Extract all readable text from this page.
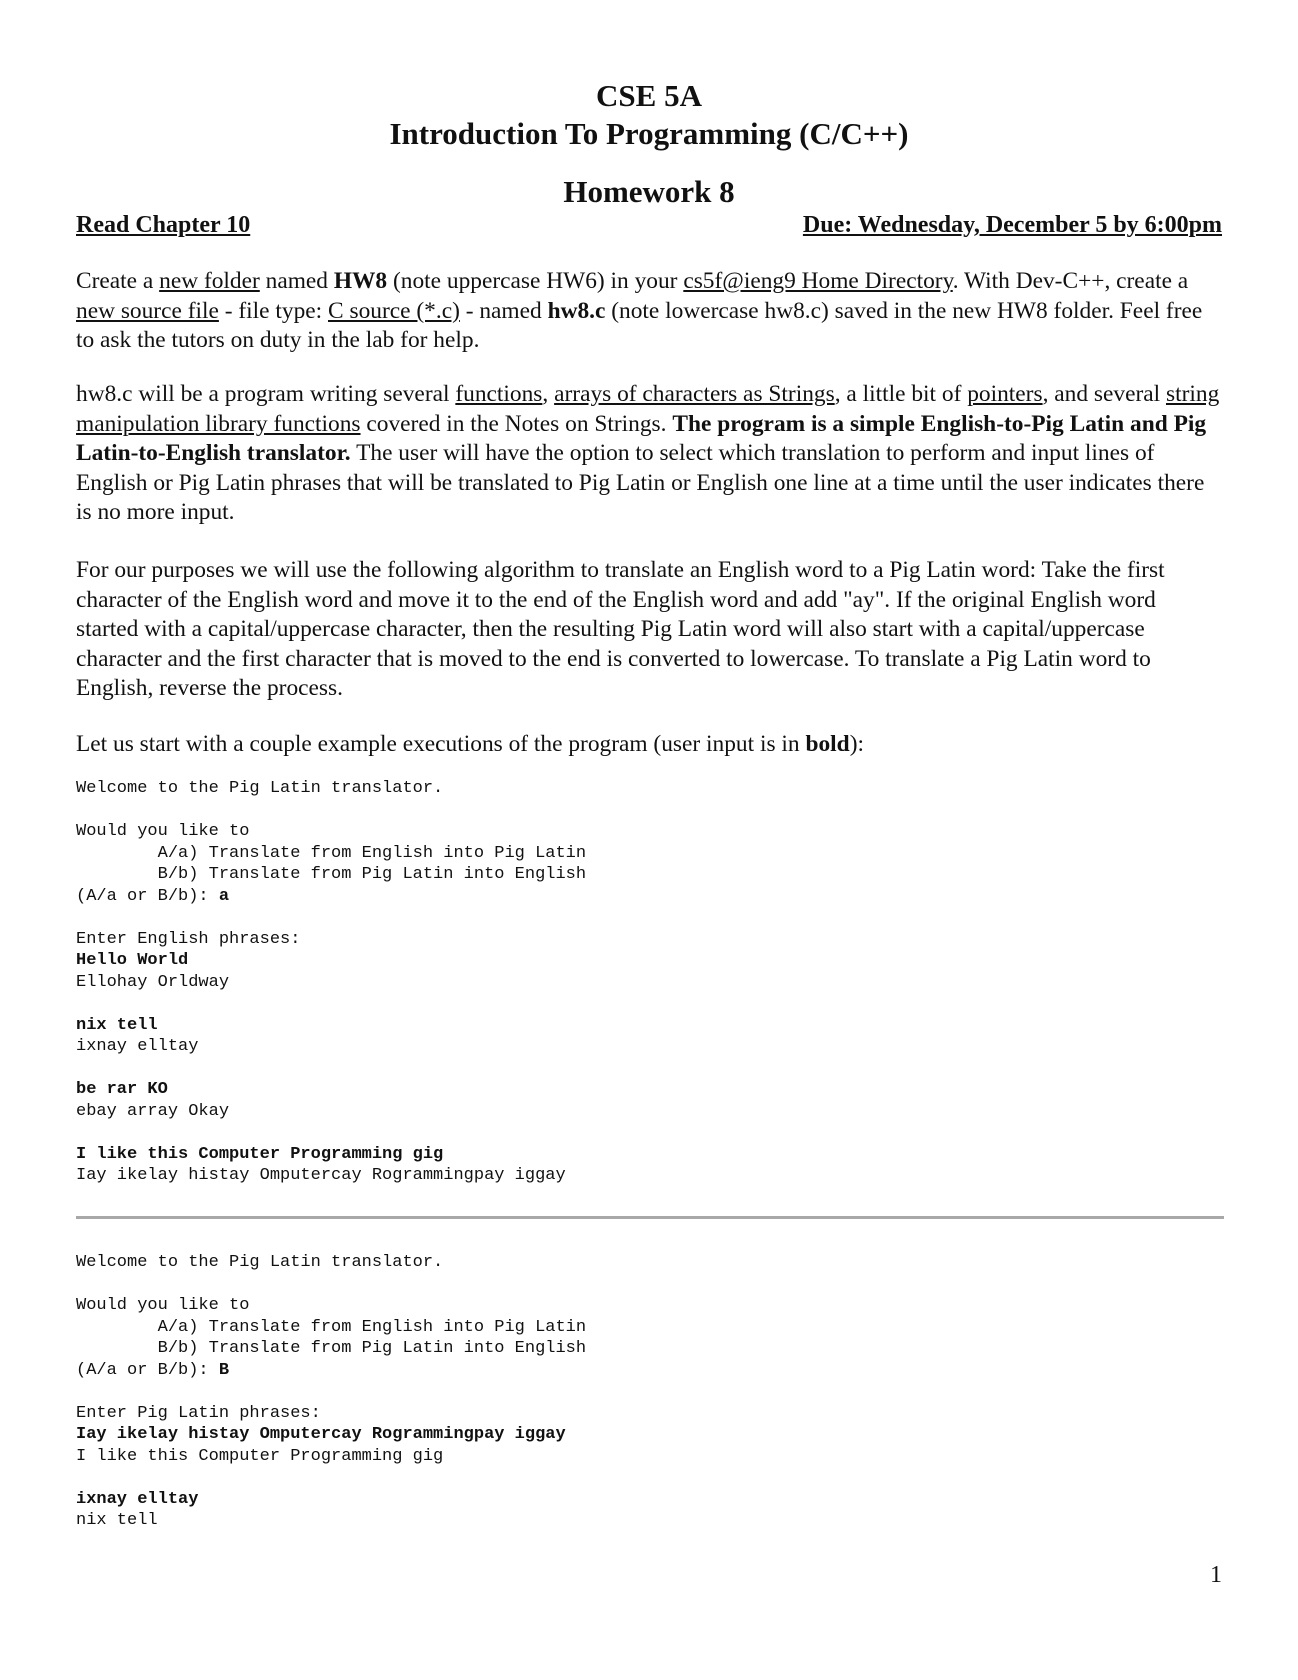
CSE 5A
Introduction To Programming (C/C++)
Homework 8
Read Chapter 10	Due: Wednesday, December 5 by 6:00pm

Create a new folder named HW8 (note uppercase HW6) in your cs5f@ieng9 Home Directory. With Dev-C++, create a new source file - file type: C source (*.c) - named hw8.c (note lowercase hw8.c) saved in the new HW8 folder. Feel free to ask the tutors on duty in the lab for help.

hw8.c will be a program writing several functions, arrays of characters as Strings, a little bit of pointers, and several string manipulation library functions covered in the Notes on Strings. The program is a simple English-to-Pig Latin and Pig Latin-to-English translator. The user will have the option to select which translation to perform and input lines of English or Pig Latin phrases that will be translated to Pig Latin or English one line at a time until the user indicates there is no more input.

For our purposes we will use the following algorithm to translate an English word to a Pig Latin word: Take the first character of the English word and move it to the end of the English word and add "ay". If the original English word started with a capital/uppercase character, then the resulting Pig Latin word will also start with a capital/uppercase character and the first character that is moved to the end is converted to lowercase. To translate a Pig Latin word to English, reverse the process.

Let us start with a couple example executions of the program (user input is in bold):

Welcome to the Pig Latin translator.
Would you like to
A/a) Translate from English into Pig Latin
B/b) Translate from Pig Latin into English
(A/a or B/b): a
Enter English phrases:
Hello World
Ellohay Orldway
nix tell
ixnay elltay
be rar KO
ebay array Okay
I like this Computer Programming gig
Iay ikelay histay Omputercay Rogrammingpay iggay
Welcome to the Pig Latin translator.
Would you like to
A/a) Translate from English into Pig Latin
B/b) Translate from Pig Latin into English
(A/a or B/b): B
Enter Pig Latin phrases:
Iay ikelay histay Omputercay Rogrammingpay iggay
I like this Computer Programming gig
ixnay elltay
nix tell
1
